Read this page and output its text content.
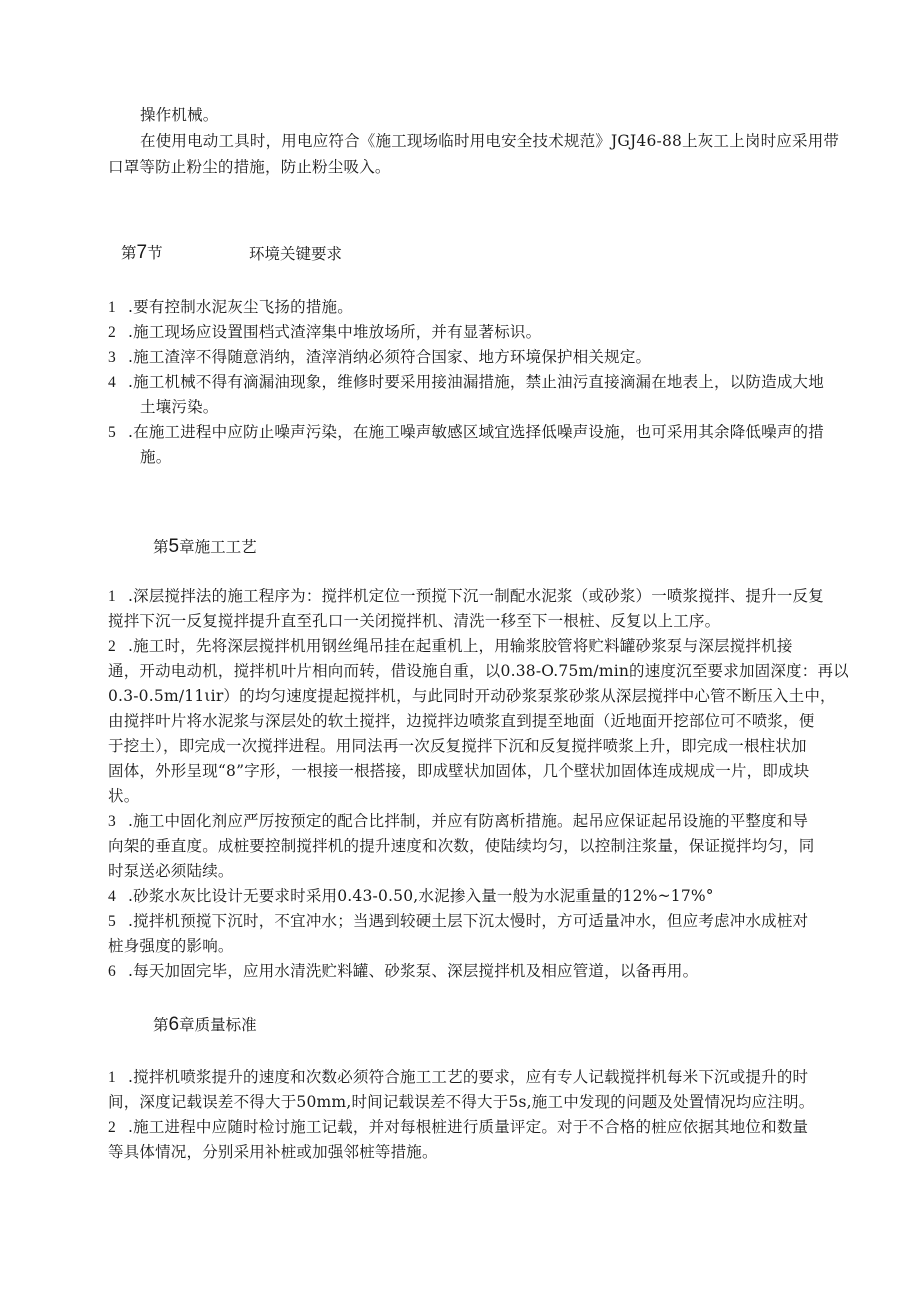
操作机械。
在使用电动工具时，用电应符合《施工现场临时用电安全技术规范》JGJ46-88上灰工上岗时应采用带
口罩等防止粉尘的措施，防止粉尘吸入。
第7节	环境关键要求
1 .要有控制水泥灰尘飞扬的措施。
2 .施工现场应设置围档式渣滓集中堆放场所，并有显著标识。
3 .施工渣滓不得随意消纳，渣滓消纳必须符合国家、地方环境保护相关规定。
4 .施工机械不得有滴漏油现象，维修时要采用接油漏措施，禁止油污直接滴漏在地表上，以防造成大地
土壤污染。
5 .在施工进程中应防止噪声污染，在施工噪声敏感区域宜选择低噪声设施，也可采用其余降低噪声的措
施。
第5章施工工艺
1 .深层搅拌法的施工程序为：搅拌机定位一预搅下沉一制配水泥浆（或砂浆）一喷浆搅拌、提升一反复
搅拌下沉一反复搅拌提升直至孔口一关闭搅拌机、清洗一移至下一根桩、反复以上工序。
2 .施工时，先将深层搅拌机用钢丝绳吊挂在起重机上，用输浆胶管将贮料罐砂浆泵与深层搅拌机接
通，开动电动机，搅拌机叶片相向而转，借设施自重，以0.38-O.75m∕min的速度沉至要求加固深度：再以
0.3-0.5m∕11ιir）的均匀速度提起搅拌机，与此同时开动砂浆泵浆砂浆从深层搅拌中心管不断压入土中，
由搅拌叶片将水泥浆与深层处的软土搅拌，边搅拌边喷浆直到提至地面（近地面开挖部位可不喷浆，便
于挖土），即完成一次搅拌进程。用同法再一次反复搅拌下沉和反复搅拌喷浆上升，即完成一根柱状加
固体，外形呈现“8”字形，一根接一根搭接，即成壁状加固体，几个壁状加固体连成规成一片，即成块
状。
3 .施工中固化剂应严厉按预定的配合比拌制，并应有防离析措施。起吊应保证起吊设施的平整度和导
向架的垂直度。成桩要控制搅拌机的提升速度和次数，使陆续均匀，以控制注浆量，保证搅拌均匀，同
时泵送必须陆续。
4 .砂浆水灰比设计无要求时采用0.43-0.50,水泥掺入量一般为水泥重量的12%~17%°
5 .搅拌机预搅下沉时，不宜冲水；当遇到较硬土层下沉太慢时，方可适量冲水，但应考虑冲水成桩对
桩身强度的影响。
6 .每天加固完毕，应用水清洗贮料罐、砂浆泵、深层搅拌机及相应管道，以备再用。
第6章质量标准
1 .搅拌机喷浆提升的速度和次数必须符合施工工艺的要求，应有专人记载搅拌机每米下沉或提升的时
间，深度记载误差不得大于50mm,时间记载误差不得大于5s,施工中发现的问题及处置情况均应注明。
2 .施工进程中应随时检讨施工记载，并对每根桩进行质量评定。对于不合格的桩应依据其地位和数量
等具体情况，分别采用补桩或加强邻桩等措施。
